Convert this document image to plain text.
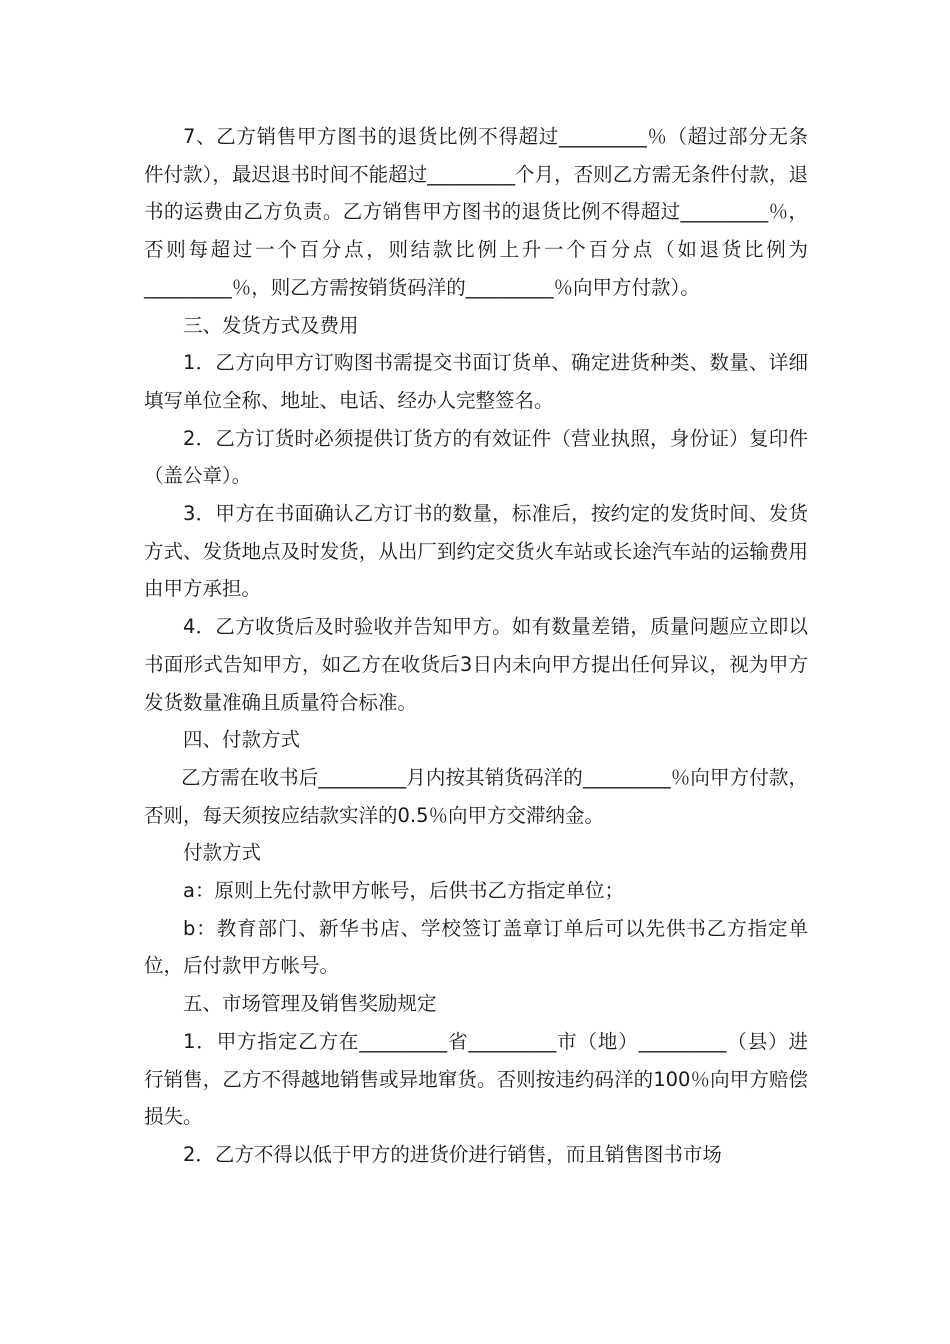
7、乙方销售甲方图书的退货比例不得超过_________％（超过部分无条件付款），最迟退书时间不能超过_________个月，否则乙方需无条件付款，退书的运费由乙方负责。乙方销售甲方图书的退货比例不得超过_________％，否则每超过一个百分点，则结款比例上升一个百分点（如退货比例为_________％，则乙方需按销货码洋的_________％向甲方付款）。

三、发货方式及费用

1．乙方向甲方订购图书需提交书面订货单、确定进货种类、数量、详细填写单位全称、地址、电话、经办人完整签名。

2．乙方订货时必须提供订货方的有效证件（营业执照，身份证）复印件（盖公章）。

3．甲方在书面确认乙方订书的数量，标准后，按约定的发货时间、发货方式、发货地点及时发货，从出厂到约定交货火车站或长途汽车站的运输费用由甲方承担。

4．乙方收货后及时验收并告知甲方。如有数量差错，质量问题应立即以书面形式告知甲方，如乙方在收货后3日内未向甲方提出任何异议，视为甲方发货数量准确且质量符合标准。

四、付款方式

乙方需在收书后_________月内按其销货码洋的_________％向甲方付款，否则，每天须按应结款实洋的0.5％向甲方交滞纳金。

付款方式

a：原则上先付款甲方帐号，后供书乙方指定单位；

b：教育部门、新华书店、学校签订盖章订单后可以先供书乙方指定单位，后付款甲方帐号。

五、市场管理及销售奖励规定

1．甲方指定乙方在_________省_________市（地）_________（县）进行销售，乙方不得越地销售或异地窜货。否则按违约码洋的100％向甲方赔偿损失。

2．乙方不得以低于甲方的进货价进行销售，而且销售图书市场
